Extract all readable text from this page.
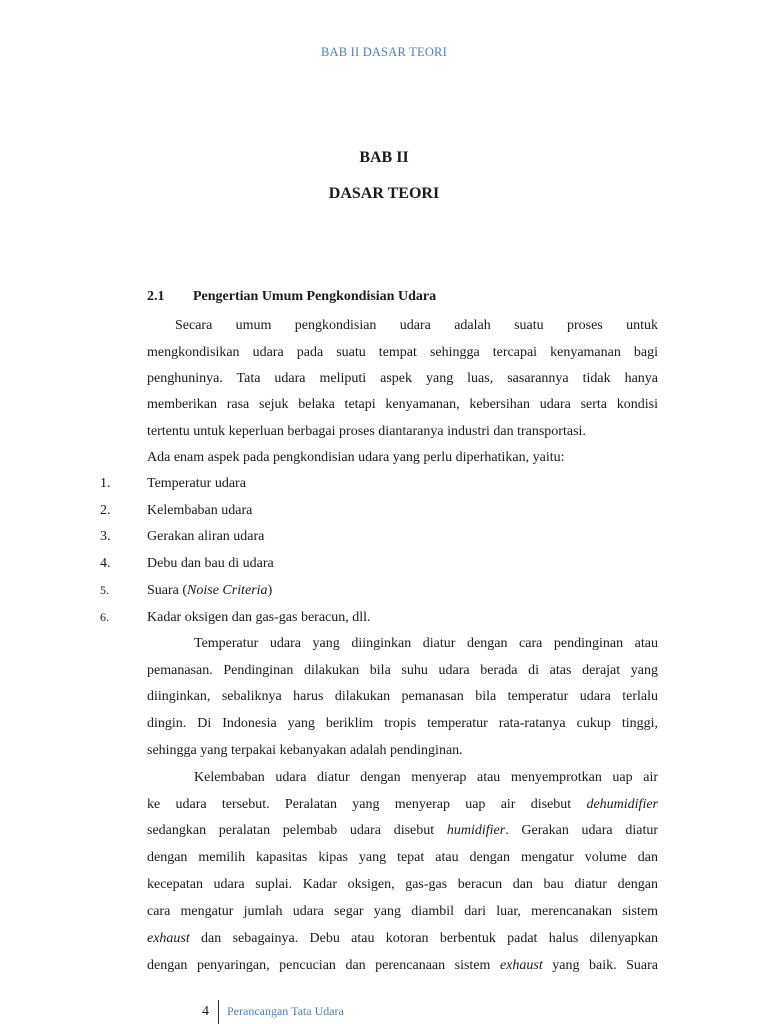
BAB II DASAR TEORI
BAB II
DASAR TEORI
2.1 Pengertian Umum Pengkondisian Udara
Secara umum pengkondisian udara adalah suatu proses untuk
mengkondisikan udara pada suatu tempat sehingga tercapai kenyamanan bagi
penghuninya. Tata udara meliputi aspek yang luas, sasarannya tidak hanya
memberikan rasa sejuk belaka tetapi kenyamanan, kebersihan udara serta kondisi
tertentu untuk keperluan berbagai proses diantaranya industri dan transportasi.
Ada enam aspek pada pengkondisian udara yang perlu diperhatikan, yaitu:
1.	Temperatur udara
2.	Kelembaban udara
3.	Gerakan aliran udara
4.	Debu dan bau di udara
5.	Suara (Noise Criteria)
6.	Kadar oksigen dan gas-gas beracun, dll.
Temperatur udara yang diinginkan diatur dengan cara pendinginan atau
pemanasan. Pendinginan dilakukan bila suhu udara berada di atas derajat yang
diinginkan, sebaliknya harus dilakukan pemanasan bila temperatur udara terlalu
dingin. Di Indonesia yang beriklim tropis temperatur rata-ratanya cukup tinggi,
sehingga yang terpakai kebanyakan adalah pendinginan.
Kelembaban udara diatur dengan menyerap atau menyemprotkan uap air
ke udara tersebut. Peralatan yang menyerap uap air disebut dehumidifier
sedangkan peralatan pelembab udara disebut humidifier. Gerakan udara diatur
dengan memilih kapasitas kipas yang tepat atau dengan mengatur volume dan
kecepatan udara suplai. Kadar oksigen, gas-gas beracun dan bau diatur dengan
cara mengatur jumlah udara segar yang diambil dari luar, merencanakan sistem
exhaust dan sebagainya. Debu atau kotoran berbentuk padat halus dilenyapkan
dengan penyaringan, pencucian dan perencanaan sistem exhaust yang baik. Suara
4 Perancangan Tata Udara
